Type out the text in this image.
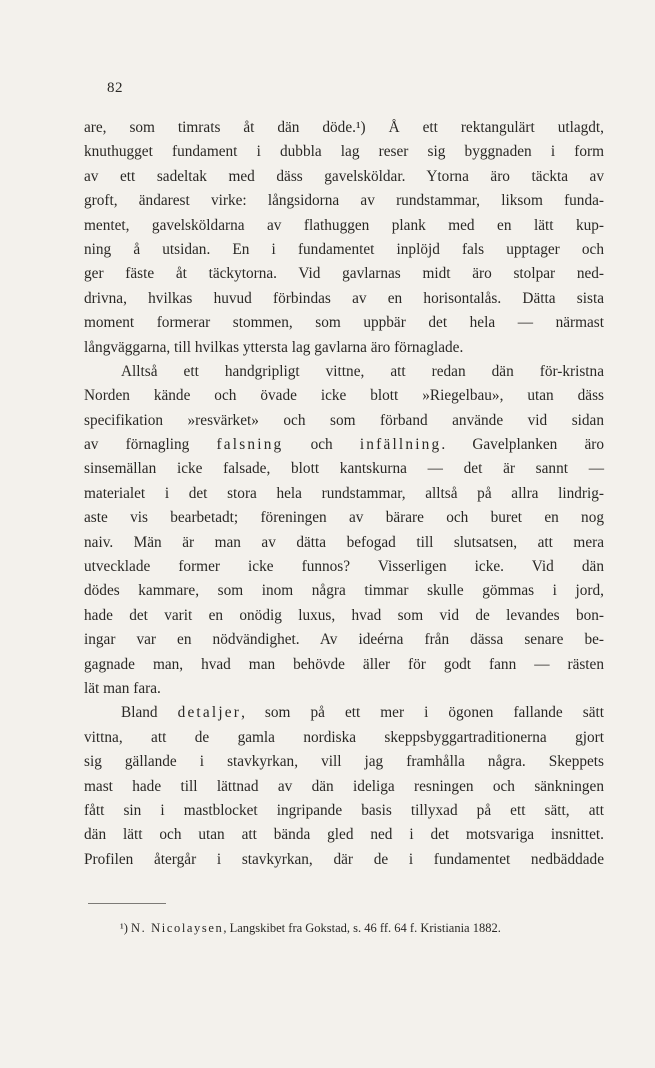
82
are, som timrats åt dän döde.¹) Å ett rektangulärt utlagdt,
knuthugget fundament i dubbla lag reser sig byggnaden i form
av ett sadeltak med däss gavelsköldar. Ytorna äro täckta av
groft, ändarest virke: långsidorna av rundstammar, liksom funda-
mentet, gavelsköldarna av flathuggen plank med en lätt kup-
ning å utsidan. En i fundamentet inplöjd fals upptager och
ger fäste åt täckytorna. Vid gavlarnas midt äro stolpar ned-
drivna, hvilkas huvud förbindas av en horisontalås. Dätta sista
moment formerar stommen, som uppbär det hela — närmast
långväggarna, till hvilkas yttersta lag gavlarna äro förnaglade.
Alltså ett handgripligt vittne, att redan dän för-kristna
Norden kände och övade icke blott »Riegelbau», utan däss
specifikation »resvärket» och som förband använde vid sidan
av förnagling falsning och infällning. Gavelplanken äro
sinsemällan icke falsade, blott kantskurna — det är sannt —
materialet i det stora hela rundstammar, alltså på allra lindrig-
aste vis bearbetadt; föreningen av bärare och buret en nog
naiv. Män är man av dätta befogad till slutsatsen, att mera
utvecklade former icke funnos? Visserligen icke. Vid dän
dödes kammare, som inom några timmar skulle gömmas i jord,
hade det varit en onödig luxus, hvad som vid de levandes bon-
ingar var en nödvändighet. Av ideérna från dässa senare be-
gagnade man, hvad man behövde äller för godt fann — rästen
lät man fara.
Bland detaljer, som på ett mer i ögonen fallande sätt
vittna, att de gamla nordiska skeppsbyggartraditionerna gjort
sig gällande i stavkyrkan, vill jag framhålla några. Skeppets
mast hade till lättnad av dän ideliga resningen och sänkningen
fått sin i mastblocket ingripande basis tillyxad på ett sätt, att
dän lätt och utan att bända gled ned i det motsvariga insnittet.
Profilen återgår i stavkyrkan, där de i fundamentet nedbäddade
¹) N. Nicolaysen, Langskibet fra Gokstad, s. 46 ff. 64 f. Kristiania 1882.
